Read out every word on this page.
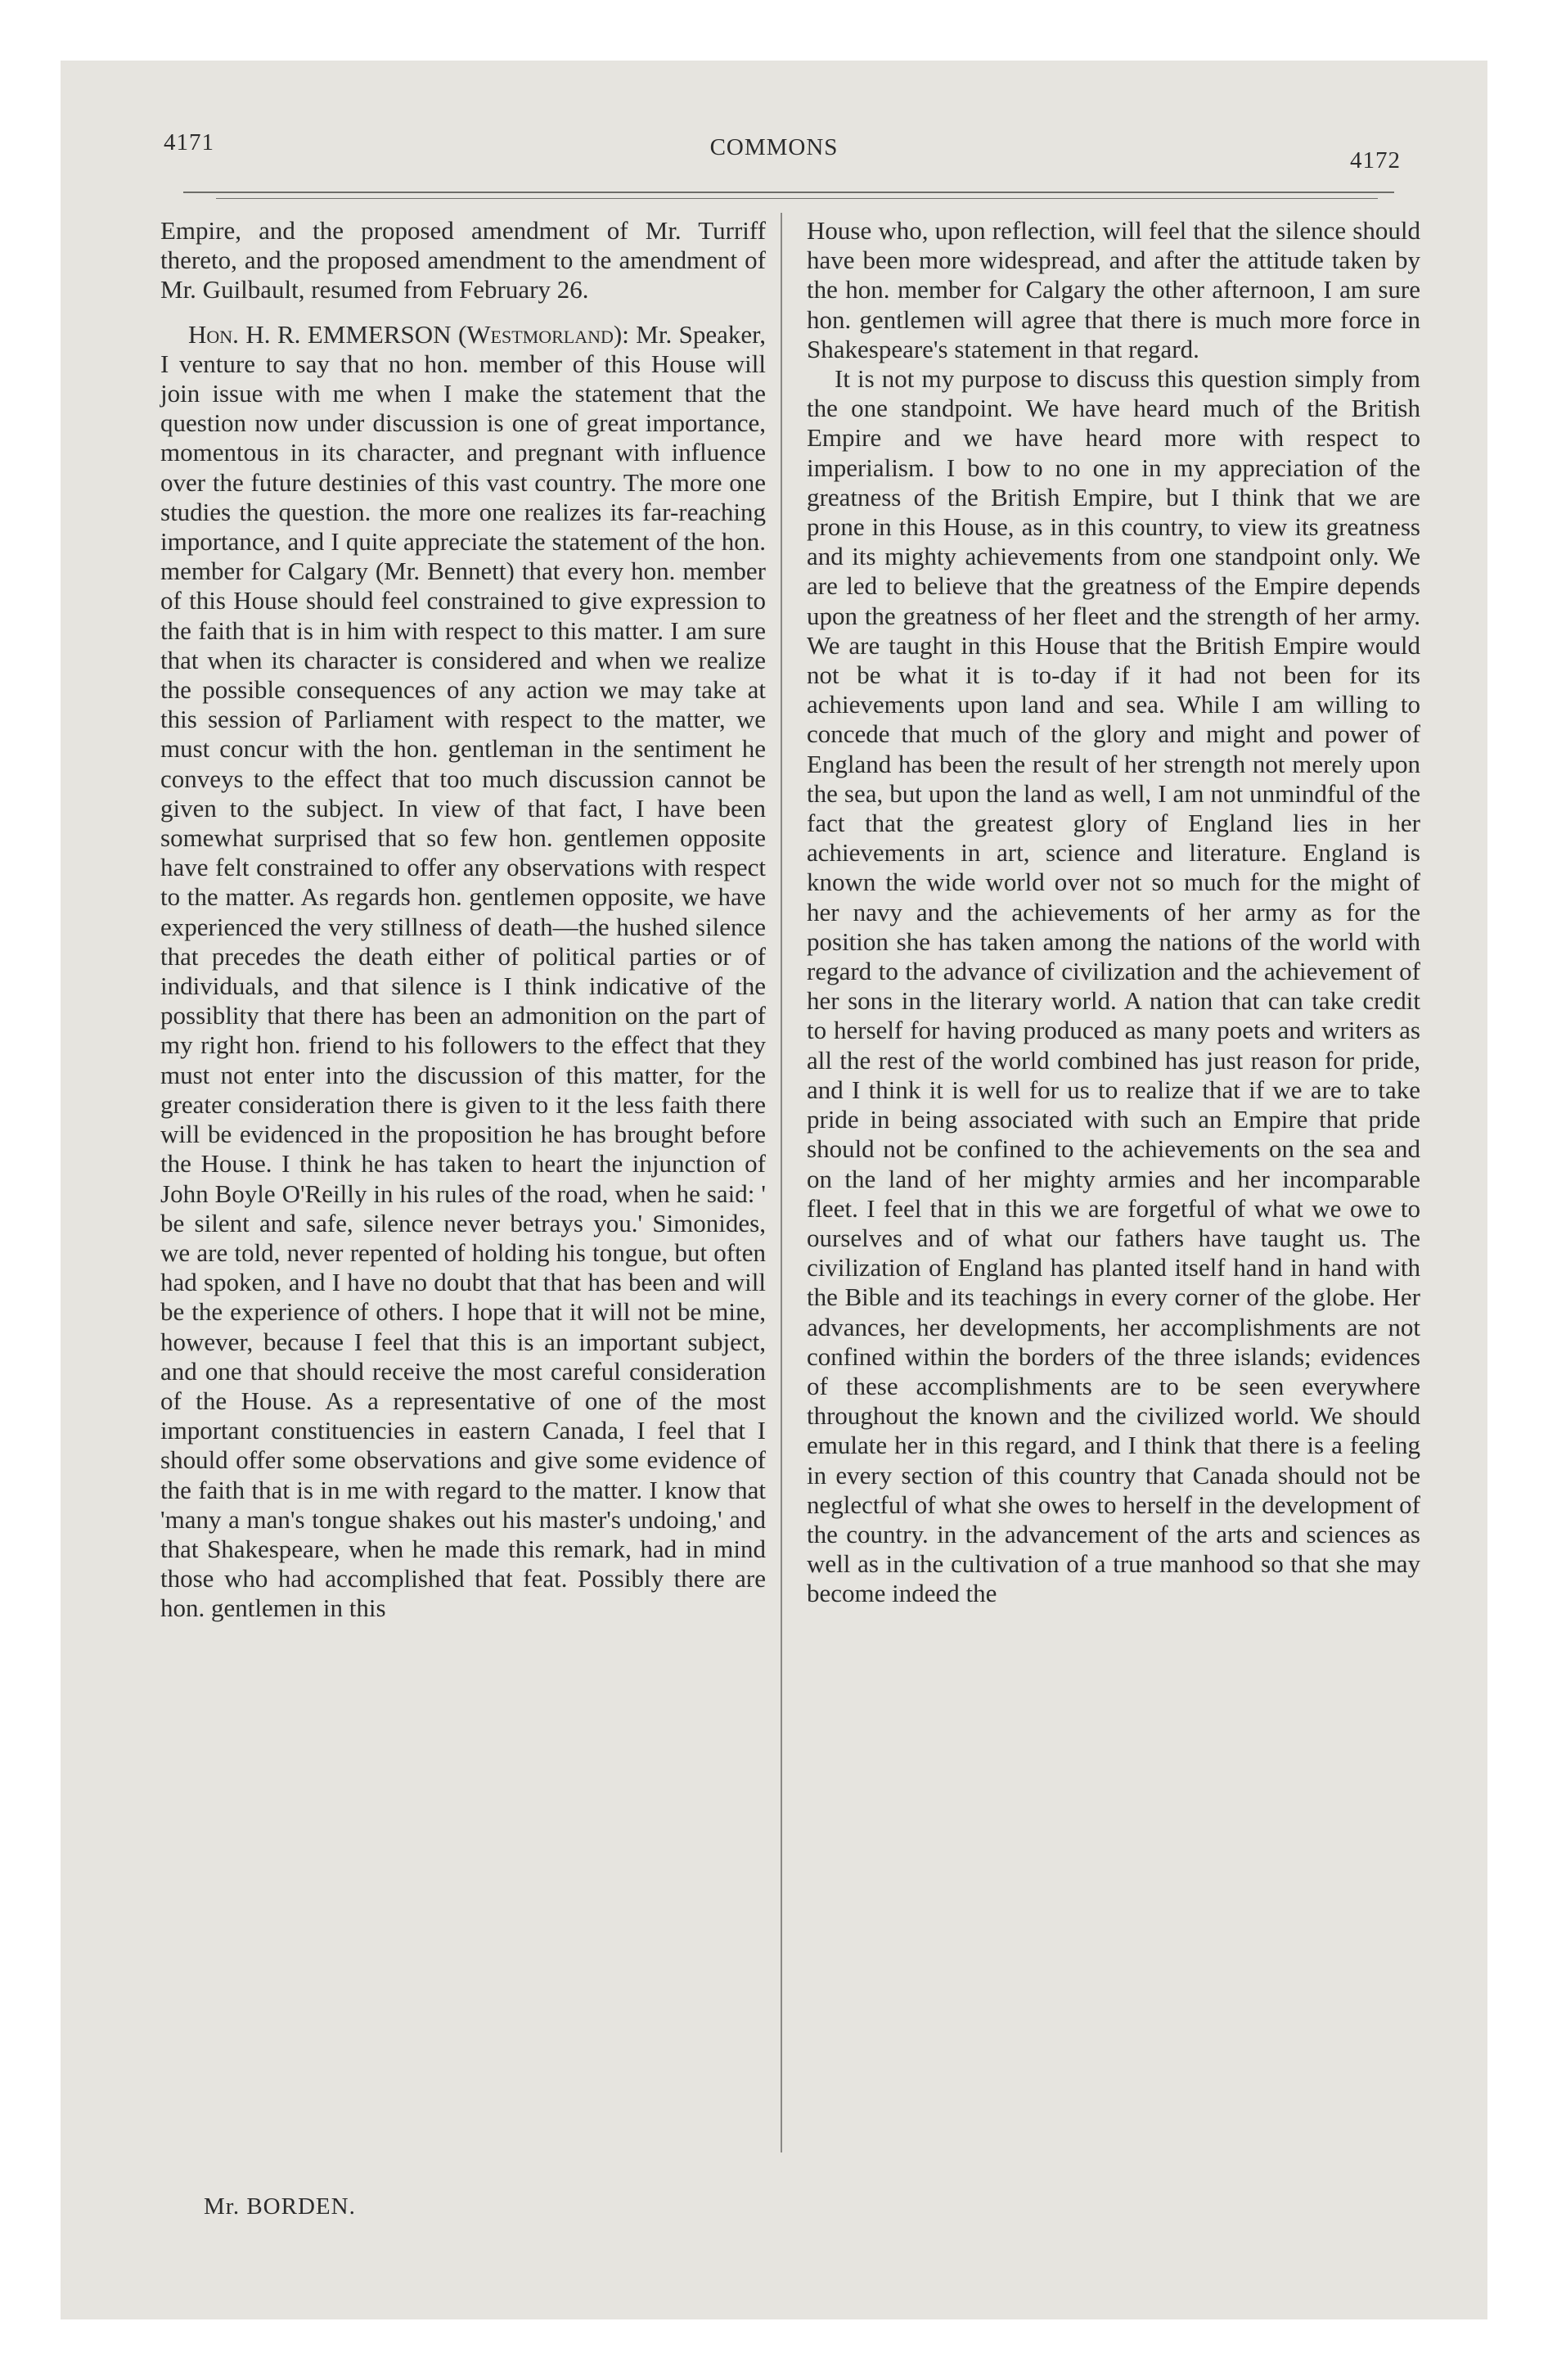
4171	COMMONS	4172

Empire, and the proposed amendment of Mr. Turriff thereto, and the proposed amendment to the amendment of Mr. Guilbault, resumed from February 26.

Hon. H. R. EMMERSON (Westmorland): Mr. Speaker, I venture to say that no hon. member of this House will join issue with me when I make the statement that the question now under discussion is one of great importance, momentous in its character, and pregnant with influence over the future destinies of this vast country. The more one studies the question. the more one realizes its far-reaching importance, and I quite appreciate the statement of the hon. member for Calgary (Mr. Bennett) that every hon. member of this House should feel constrained to give expression to the faith that is in him with respect to this matter. I am sure that when its character is considered and when we realize the possible consequences of any action we may take at this session of Parliament with respect to the matter, we must concur with the hon. gentleman in the sentiment he conveys to the effect that too much discussion cannot be given to the subject. In view of that fact, I have been somewhat surprised that so few hon. gentlemen opposite have felt constrained to offer any observations with respect to the matter. As regards hon. gentlemen opposite, we have experienced the very stillness of death—the hushed silence that precedes the death either of political parties or of individuals, and that silence is I think indicative of the possiblity that there has been an admonition on the part of my right hon. friend to his followers to the effect that they must not enter into the discussion of this matter, for the greater consideration there is given to it the less faith there will be evidenced in the proposition he has brought before the House. I think he has taken to heart the injunction of John Boyle O'Reilly in his rules of the road, when he said: ' be silent and safe, silence never betrays you.' Simonides, we are told, never repented of holding his tongue, but often had spoken, and I have no doubt that that has been and will be the experience of others. I hope that it will not be mine, however, because I feel that this is an important subject, and one that should receive the most careful consideration of the House. As a representative of one of the most important constituencies in eastern Canada, I feel that I should offer some observations and give some evidence of the faith that is in me with regard to the matter. I know that 'many a man's tongue shakes out his master's undoing,' and that Shakespeare, when he made this remark, had in mind those who had accomplished that feat. Possibly there are hon. gentlemen in this

House who, upon reflection, will feel that the silence should have been more widespread, and after the attitude taken by the hon. member for Calgary the other afternoon, I am sure hon. gentlemen will agree that there is much more force in Shakespeare's statement in that regard.

It is not my purpose to discuss this question simply from the one standpoint. We have heard much of the British Empire and we have heard more with respect to imperialism. I bow to no one in my appreciation of the greatness of the British Empire, but I think that we are prone in this House, as in this country, to view its greatness and its mighty achievements from one standpoint only. We are led to believe that the greatness of the Empire depends upon the greatness of her fleet and the strength of her army. We are taught in this House that the British Empire would not be what it is to-day if it had not been for its achievements upon land and sea. While I am willing to concede that much of the glory and might and power of England has been the result of her strength not merely upon the sea, but upon the land as well, I am not unmindful of the fact that the greatest glory of England lies in her achievements in art, science and literature. England is known the wide world over not so much for the might of her navy and the achievements of her army as for the position she has taken among the nations of the world with regard to the advance of civilization and the achievement of her sons in the literary world. A nation that can take credit to herself for having produced as many poets and writers as all the rest of the world combined has just reason for pride, and I think it is well for us to realize that if we are to take pride in being associated with such an Empire that pride should not be confined to the achievements on the sea and on the land of her mighty armies and her incomparable fleet. I feel that in this we are forgetful of what we owe to ourselves and of what our fathers have taught us. The civilization of England has planted itself hand in hand with the Bible and its teachings in every corner of the globe. Her advances, her developments, her accomplishments are not confined within the borders of the three islands; evidences of these accomplishments are to be seen everywhere throughout the known and the civilized world. We should emulate her in this regard, and I think that there is a feeling in every section of this country that Canada should not be neglectful of what she owes to herself in the development of the country. in the advancement of the arts and sciences as well as in the cultivation of a true manhood so that she may become indeed the

Mr. BORDEN.
